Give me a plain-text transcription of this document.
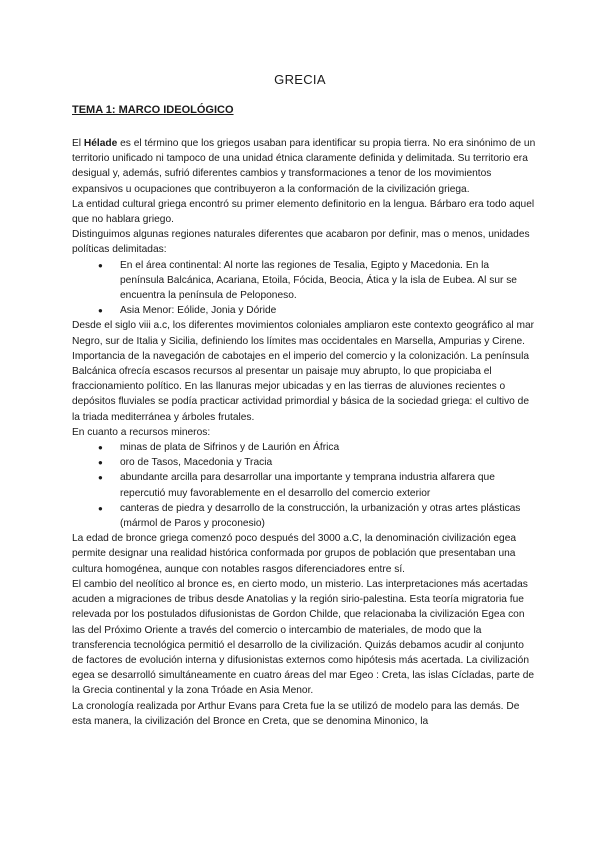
GRECIA
TEMA 1: MARCO IDEOLÓGICO

El Hélade es el término que los griegos usaban para identificar su propia tierra. No era sinónimo de un territorio unificado ni tampoco de una unidad étnica claramente definida y delimitada. Su territorio era desigual y, además, sufrió diferentes cambios y transformaciones a tenor de los movimientos expansivos u ocupaciones que contribuyeron a la conformación de la civilización griega.

La entidad cultural griega encontró su primer elemento definitorio en la lengua. Bárbaro era todo aquel que no hablara griego.

Distinguimos algunas regiones naturales diferentes que acabaron por definir, mas o menos, unidades políticas delimitadas:

● En el área continental: Al norte las regiones de Tesalia, Egipto y Macedonia. En la península Balcánica, Acariana, Etoila, Fócida, Beocia, Ática y la isla de Eubea. Al sur se encuentra la península de Peloponeso.
● Asia Menor: Eólide, Jonia y Dóride

Desde el siglo viii a.c, los diferentes movimientos coloniales ampliaron este contexto geográfico al mar Negro, sur de Italia y Sicilia, definiendo los límites mas occidentales en Marsella, Ampurias y Cirene.

Importancia de la navegación de cabotajes en el imperio del comercio y la colonización. La península Balcánica ofrecía escasos recursos al presentar un paisaje muy abrupto, lo que propiciaba el fraccionamiento político. En las llanuras mejor ubicadas y en las tierras de aluviones recientes o depósitos fluviales se podía practicar actividad primordial y básica de la sociedad griega: el cultivo de la triada mediterránea y árboles frutales.

En cuanto a recursos mineros:

● minas de plata de Sifrinos y de Laurión en África
● oro de Tasos, Macedonia y Tracia
● abundante arcilla para desarrollar una importante y temprana industria alfarera que repercutió muy favorablemente en el desarrollo del comercio exterior
● canteras de piedra y desarrollo de la construcción, la urbanización y otras artes plásticas (mármol de Paros y proconesio)

La edad de bronce griega comenzó poco después del 3000 a.C, la denominación civilización egea permite designar una realidad histórica conformada por grupos de población que presentaban una cultura homogénea, aunque con notables rasgos diferenciadores entre sí.

El cambio del neolítico al bronce es, en cierto modo, un misterio. Las interpretaciones más acertadas acuden a migraciones de tribus desde Anatolias y la región sirio-palestina. Esta teoría migratoria fue relevada por los postulados difusionistas de Gordon Childe, que relacionaba la civilización Egea con las del Próximo Oriente a través del comercio o intercambio de materiales, de modo que la transferencia tecnológica permitió el desarrollo de la civilización. Quizás debamos acudir al conjunto de factores de evolución interna y difusionistas externos como hipótesis más acertada. La civilización egea se desarrolló simultáneamente en cuatro áreas del mar Egeo : Creta, las islas Cícladas, parte de la Grecia continental y la zona Tróade en Asia Menor.

La cronología realizada por Arthur Evans para Creta fue la se utilizó de modelo para las demás. De esta manera, la civilización del Bronce en Creta, que se denomina Minonico, la
